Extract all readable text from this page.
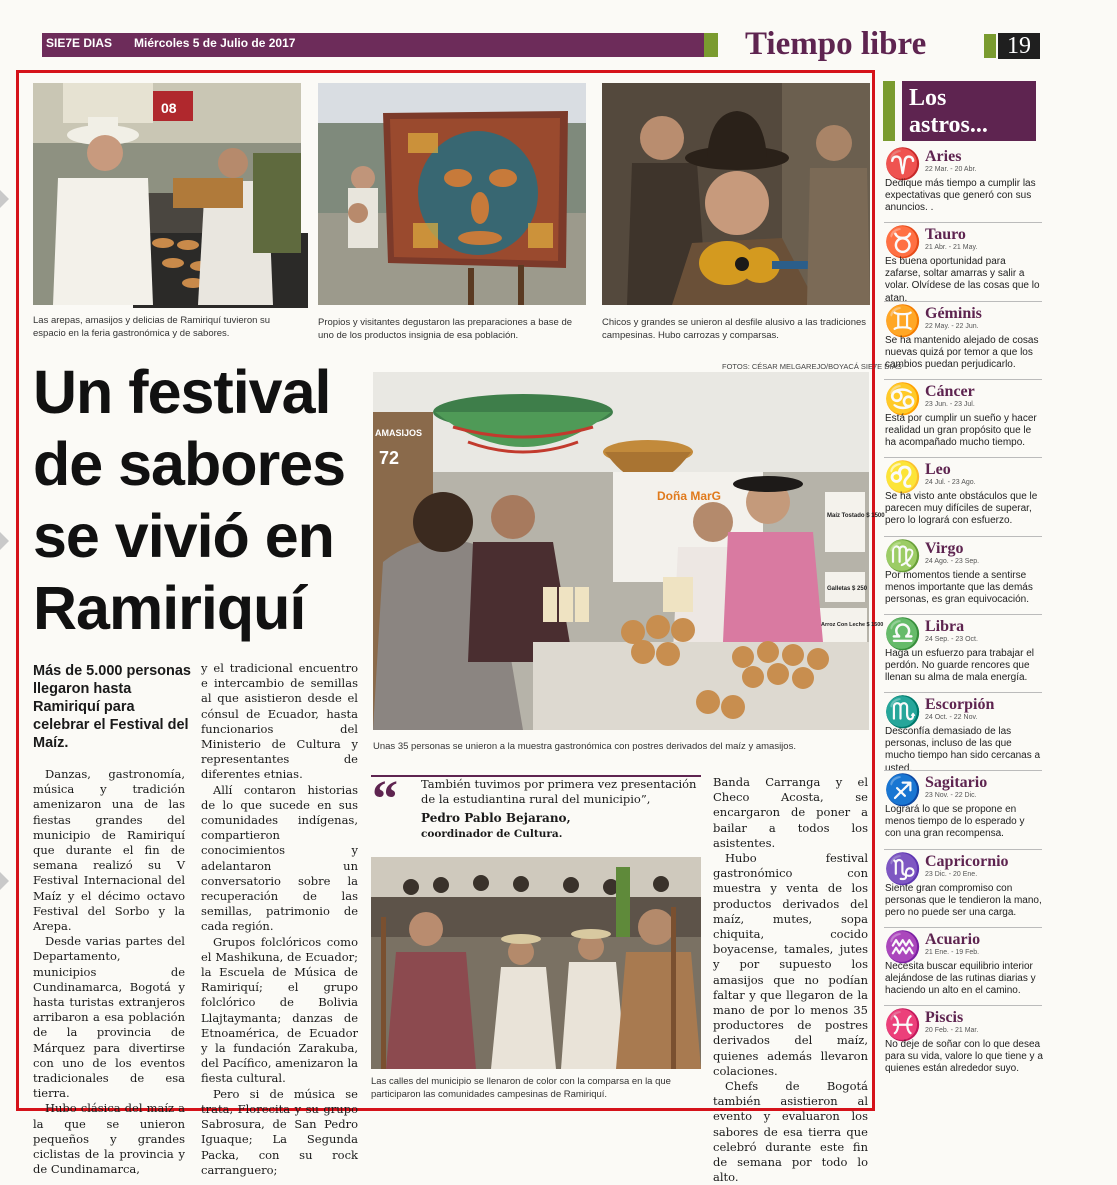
SIE7E DIAS Miércoles 5 de Julio de 2017	Tiempo libre	19
08
Las arepas, amasijos y delicias de Ramiriquí tuvieron su espacio en la feria gastronómica y de sabores.
Propios y visitantes degustaron las preparaciones a base de uno de los productos insignia de esa población.
Chicos y grandes se unieron al desfile alusivo a las tradiciones campesinas. Hubo carrozas y comparsas.
FOTOS: CÉSAR MELGAREJO/BOYACÁ SIE7E DIAS
Un festival
de sabores
se vivió en
Ramiriquí
AMASIJOS
72
Doña MarG
Maíz Tostado $ 1500
Galletas $ 250
Arroz Con Leche $ 1500
Unas 35 personas se unieron a la muestra gastronómica con postres derivados del maíz y amasijos.
Más de 5.000 personas llegaron hasta Ramiriquí para celebrar el Festival del Maíz.

Danzas, gastronomía, música y tradición amenizaron una de las fiestas grandes del municipio de Ramiriquí que durante el fin de semana realizó su V Festival Internacional del Maíz y el décimo octavo Festival del Sorbo y la Arepa.

Desde varias partes del Departamento, municipios de Cundinamarca, Bogotá y hasta turistas extranjeros arribaron a esa población de la provincia de Márquez para divertirse con uno de los eventos tradicionales de esa tierra.

Hubo clásica del maíz a la que se unieron pequeños y grandes ciclistas de la provincia y de Cundinamarca,

y el tradicional encuentro e intercambio de semillas al que asistieron desde el cónsul de Ecuador, hasta funcionarios del Ministerio de Cultura y representantes de diferentes etnias.

Allí contaron historias de lo que sucede en sus comunidades indígenas, compartieron conocimientos y adelantaron un conversatorio sobre la recuperación de las semillas, patrimonio de cada región.

Grupos folclóricos como el Mashikuna, de Ecuador; la Escuela de Música de Ramiriquí; el grupo folclórico de Bolivia Llajtaymanta; danzas de Etnoamérica, de Ecuador y la fundación Zarakuba, del Pacífico, amenizaron la fiesta cultural.

Pero si de música se trata, Florecita y su grupo Sabrosura, de San Pedro Iguaque; La Segunda Packa, con su rock carranguero;

“ También tuvimos por primera vez presentación de la estudiantina rural del municipio”,
Pedro Pablo Bejarano,
coordinador de Cultura.
Las calles del municipio se llenaron de color con la comparsa en la que participaron las comunidades campesinas de Ramiriquí.

Banda Carranga y el Checo Acosta, se encargaron de poner a bailar a todos los asistentes.

Hubo festival gastronómico con muestra y venta de los productos derivados del maíz, mutes, sopa chiquita, cocido boyacense, tamales, jutes y por supuesto los amasijos que no podían faltar y que llegaron de la mano de por lo menos 35 productores de postres derivados del maíz, quienes además llevaron colaciones.

Chefs de Bogotá también asistieron al evento y evaluaron los sabores de esa tierra que celebró durante este fin de semana por todo lo alto.

Los
astros...
♈ Aries
22 Mar. - 20 Abr.
Dedique más tiempo a cumplir las expectativas que generó con sus anuncios. .
♉ Tauro
21 Abr. - 21 May.
Es buena oportunidad para zafarse, soltar amarras y salir a volar. Olvídese de las cosas que lo atan.
♊ Géminis
22 May. - 22 Jun.
Se ha mantenido alejado de cosas nuevas quizá por temor a que los cambios puedan perjudicarlo.
♋ Cáncer
23 Jun. - 23 Jul.
Está por cumplir un sueño y hacer realidad un gran propósito que le ha acompañado mucho tiempo.
♌ Leo
24 Jul. - 23 Ago.
Se ha visto ante obstáculos que le parecen muy difíciles de superar, pero lo logrará con esfuerzo.
♍ Virgo
24 Ago. - 23 Sep.
Por momentos tiende a sentirse menos importante que las demás personas, es gran equivocación.
♎ Libra
24 Sep. - 23 Oct.
Haga un esfuerzo para trabajar el perdón. No guarde rencores que llenan su alma de mala energía.
♏ Escorpión
24 Oct. - 22 Nov.
Desconfía demasiado de las personas, incluso de las que mucho tiempo han sido cercanas a usted.
♐ Sagitario
23 Nov. - 22 Dic.
Logrará lo que se propone en menos tiempo de lo esperado y con una gran recompensa.
♑ Capricornio
23 Dic. - 20 Ene.
Siente gran compromiso con personas que le tendieron la mano, pero no puede ser una carga.
♒ Acuario
21 Ene. - 19 Feb.
Necesita buscar equilibrio interior alejándose de las rutinas diarias y haciendo un alto en el camino.
♓ Piscis
20 Feb. - 21 Mar.
No deje de soñar con lo que desea para su vida, valore lo que tiene y a quienes están alrededor suyo.
